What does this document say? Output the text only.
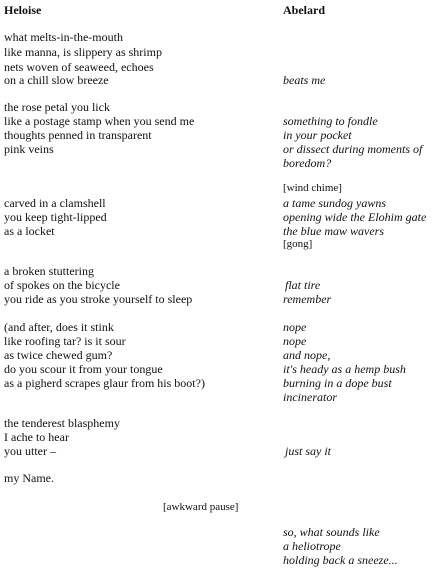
Heloise	Abelard
what melts-in-the-mouth
like manna, is slippery as shrimp
nets woven of seaweed, echoes
on a chill slow breeze
the rose petal you lick
like a postage stamp when you send me
thoughts penned in transparent
pink veins
carved in a clamshell
you keep tight-lipped
as a locket
a broken stuttering
of spokes on the bicycle
you ride as you stroke yourself to sleep
(and after, does it stink
like roofing tar? is it sour
as twice chewed gum?
do you scour it from your tongue
as a pigherd scrapes glaur from his boot?)
the tenderest blasphemy
I ache to hear
you utter –
my Name.
beats me
something to fondle
in your pocket
or dissect during moments of
boredom?
[wind chime]
a tame sundog yawns
opening wide the Elohim gate
the blue maw wavers
[gong]
flat tire
remember
nope
nope
and nope,
it's heady as a hemp bush
burning in a dope bust
incinerator
just say it
[awkward pause]
so, what sounds like
a heliotrope
holding back a sneeze...
